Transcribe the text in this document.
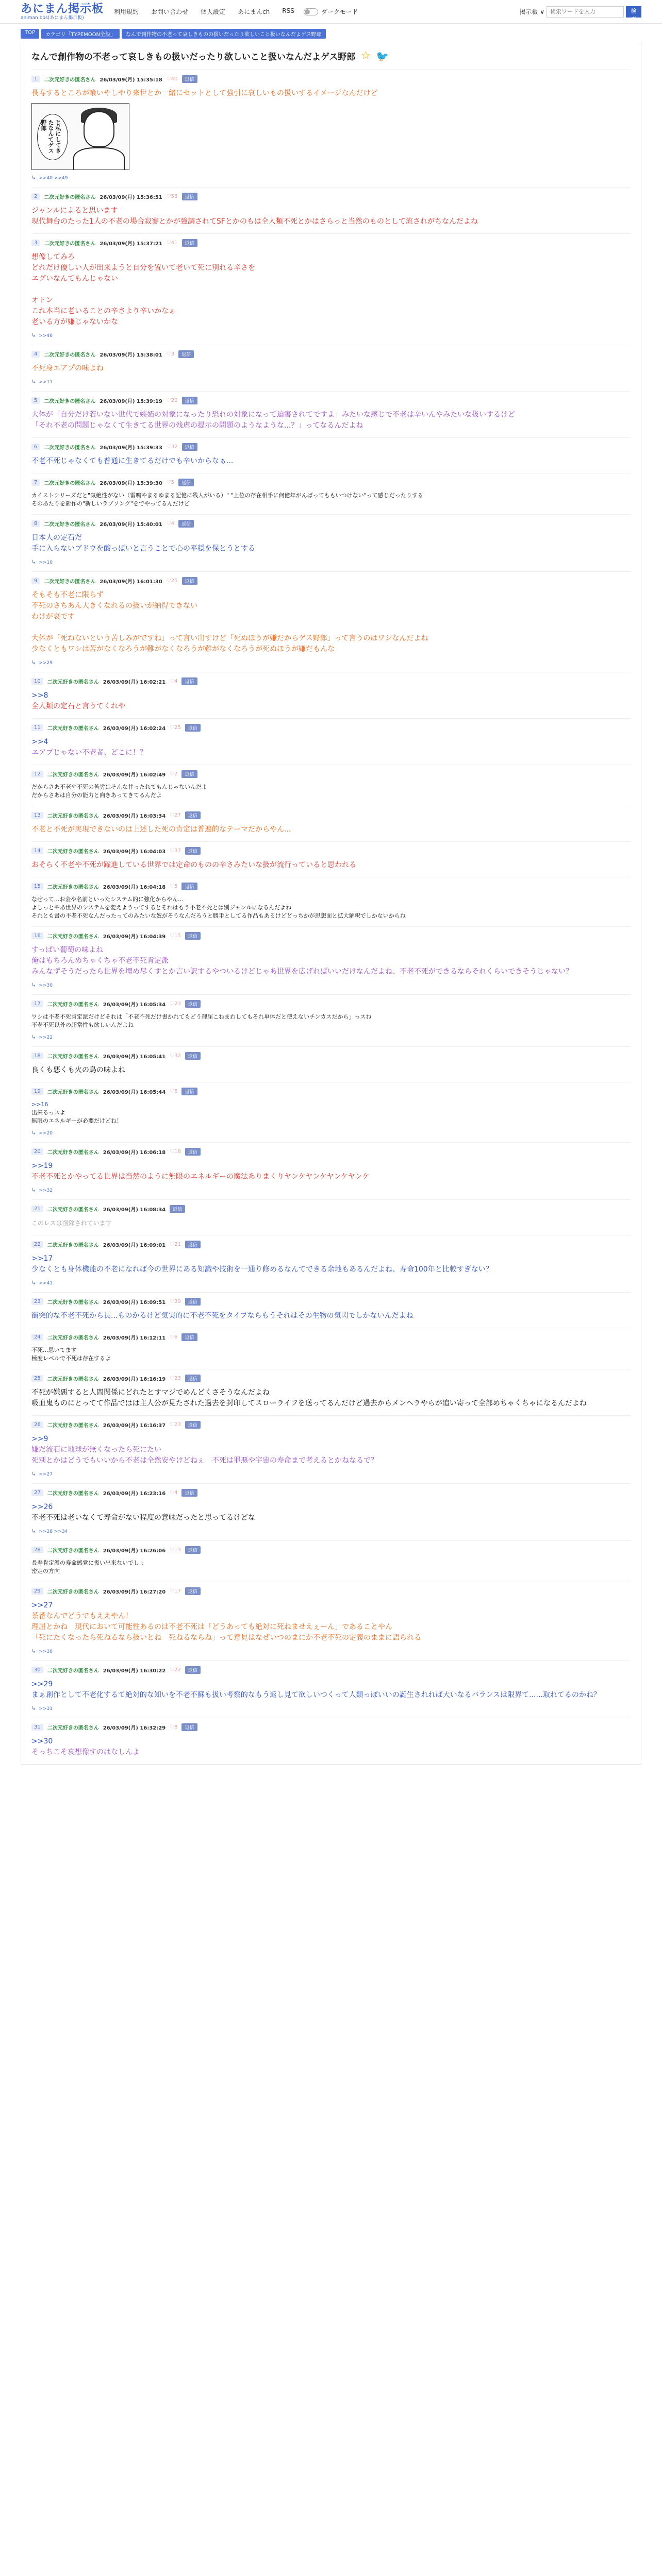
あにまん掲示板
animan bbs(あにまん掲示板)
利用規約 お問い合わせ 個人設定 あにまんch RSS	ダークモード	掲示板 ∨
検索ワードを入力	検索
TOP	カテゴリ「TYPEMOON全般」	なんで創作物の不老って哀しきものの扱いだったり欲しいこと扱いなんだよゲス野郎
なんで創作物の不老って哀しきもの扱いだったり欲しいこと扱いなんだよゲス野郎 ☆ 🐦
1	二次元好きの匿名さん 26/03/09(月) 15:35:18 ♡40	返信
長寿するところが喰いやしやり来世とか一緒にセットとして強引に哀しいもの扱いするイメージなんだけど
じ私にしてきたなんてゲス野郎
↳ >>40 >>49
2	二次元好きの匿名さん 26/03/09(月) 15:36:51 ♡56	返信
ジャンルによると思います
現代舞台のたった1人の不老の場合寂寥とかが強調されてSFとかのもは全人類不死とかはさらっと当然のものとして流されがちなんだよね
3	二次元好きの匿名さん 26/03/09(月) 15:37:21 ♡41	返信
想像してみろ
どれだけ優しい人が出来ようと自分を置いて老いて死に別れる辛さを
エグいなんてもんじゃない

オトン
これ本当に老いることの辛さより辛いかなぁ
老いる方が嫌じゃないかな
↳ >>46
4	二次元好きの匿名さん 26/03/09(月) 15:38:01 ♡3	返信
不死身エアプの味よね
↳ >>11
5	二次元好きの匿名さん 26/03/09(月) 15:39:19 ♡20	返信
大体が「自分だけ若いない世代で嫉妬の対象になったり恐れの対象になって迫害されてですよ」みたいな感じで不老は辛いんやみたいな扱いするけど
「それ不老の問題じゃなくて生きてる世界の残虐の提示の問題のようなような...？」ってなるんだよね
6	二次元好きの匿名さん 26/03/09(月) 15:39:33 ♡32	返信
不老不死じゃなくても普通に生きてるだけでも辛いからなぁ...
7	二次元好きの匿名さん 26/03/09(月) 15:39:30 ♡5	返信
カイストシリーズだと"気絶性がない（雷鳴やまるゆまる記憶に残人がいる）" "上位の存在相手に何億年がんばってももいつけない"って感じだったりする
そのあたりを新作の"新しいラブソング"をでやってるんだけど
8	二次元好きの匿名さん 26/03/09(月) 15:40:01 ♡4	返信
日本人の定石だ
手に入らないブドウを酸っぱいと言うことで心の平穏を保とうとする
↳ >>10
9	二次元好きの匿名さん 26/03/09(月) 16:01:30 ♡25	返信
そもそも不老に限らず
不死のさちあん大きくなれるの扱いが納得できない
わけが哀です

大体が「死ねないという苦しみがですね」って言い出すけど「死ぬほうが嫌だからゲス野郎」って言うのはワシなんだよね
少なくともワシは苦がなくなろうが難がなくなろうが難がなくなろうが死ぬほうが嫌だもんな
↳ >>29
10	二次元好きの匿名さん 26/03/09(月) 16:02:21 ♡4	返信
>>8
全人類の定石と言うてくれや
11	二次元好きの匿名さん 26/03/09(月) 16:02:24 ♡25	返信
>>4
エアプじゃない不老者、どこに！？
12	二次元好きの匿名さん 26/03/09(月) 16:02:49 ♡2	返信
だからさあ不老や不死の苦労はそんな甘ったれてもんじゃないんだよ
だからさあは自分の能力と向きあってきてるんだよ
13	二次元好きの匿名さん 26/03/09(月) 16:03:34 ♡27	返信
不老と不死が実現できないのは上述した死の肯定は普遍的なテーマだからやん...
14	二次元好きの匿名さん 26/03/09(月) 16:04:03 ♡37	返信
おそらく不老や不死が躍進している世界では定命のものの辛さみたいな扱が流行っていると思われる
15	二次元好きの匿名さん 26/03/09(月) 16:04:18 ♡5	返信
なぜって...お金や名前といったシステム的に強化からやん...
よしっとやあ世界のシステムを変えようってするとそれはもう不老不死とは別ジャンルになるんだよね
それとも書の不老不死なんだったってのみたいな奴がそうなんだろうと勝手としてる作品もあるけどどっちかが思想面と拡大解釈でしかないからね
16	二次元好きの匿名さん 26/03/09(月) 16:04:39 ♡15	返信
すっぱい葡萄の味よね
俺はもちろんめちゃくちゃ不老不死肯定派
みんなずそうだったら世界を埋め尽くすとか言い訳するやついるけどじゃあ世界を広げればいいだけなんだよね、不老不死ができるならそれくらいできそうじゃない？
↳ >>30
17	二次元好きの匿名さん 26/03/09(月) 16:05:34 ♡23	返信
ワシは不老不死肯定派だけどそれは「不老不死だけ書かれてもどう理屈こねまわしてもそれ単体だと使えないチンカスだから」っスね
不老不死以外の超常性も欲しいんだよね
↳ >>22
18	二次元好きの匿名さん 26/03/09(月) 16:05:41 ♡32	返信
良くも悪くも火の鳥の味よね
19	二次元好きの匿名さん 26/03/09(月) 16:05:44 ♡6	返信
>>16
出来るっスよ
無限のエネルギーが必要だけどね！
↳ >>20
20	二次元好きの匿名さん 26/03/09(月) 16:06:18 ♡18	返信
>>19
不老不死とかやってる世界は当然のように無限のエネルギーの魔法ありまくりヤンケヤンケヤンケヤンケ
↳ >>32
21	二次元好きの匿名さん 26/03/09(月) 16:08:34	返信
このレスは削除されています
22	二次元好きの匿名さん 26/03/09(月) 16:09:01 ♡21	返信
>>17
少なくとも身体機能の不老になれば今の世界にある知識や技術を一通り修めるなんてできる余地もあるんだよね、寿命100年と比較すぎない？
↳ >>41
23	二次元好きの匿名さん 26/03/09(月) 16:09:51 ♡39	返信
衝突的な不老不死から長...ものかるけど気実的に不老不死をタイプならもうそれはその生物の気閃でしかないんだよね
24	二次元好きの匿名さん 26/03/09(月) 16:12:11 ♡6	返信
不死...思いてます
極度レベルで不死は存在するよ
25	二次元好きの匿名さん 26/03/09(月) 16:16:19 ♡23	返信
不死が嫌悪すると人間関係にどれたとすマジでめんどくさそうなんだよね
吸血鬼ものにとってて作品ではは主人公が見たされた過去を封印してスローライフを送ってるんだけど過去からメンヘラやらが追い寄って全部めちゃくちゃになるんだよね
26	二次元好きの匿名さん 26/03/09(月) 16:16:37 ♡23	返信
>>9
嫌だ流石に地球が無くなったら死にたい
死別とかはどうでもいいから不老は全然安やけどねぇ　不死は罪悪や宇宙の寿命まで考えるとかねなるで？
↳ >>27
27	二次元好きの匿名さん 26/03/09(月) 16:23:16 ♡4	返信
>>26
不老不死は老いなくて寿命がない程度の意味だったと思ってるけどな
↳ >>28 >>34
28	二次元好きの匿名さん 26/03/09(月) 16:26:06 ♡13	返信
長寿肯定派の寿命感覚に扱い出来ないでしょ
密定の方向
29	二次元好きの匿名さん 26/03/09(月) 16:27:20 ♡17	返信
>>27
茶番なんでどうでもええやん！
理屈とかね　現代において可能性あるのは不老不死は「どうあっても絶対に死ねませえぇーん」であることやん
「死にたくなったら死ねるなら扱いとね　死ねるならね」って意見はなぜいつのまにか不老不死の定義のままに語られる
↳ >>30
30	二次元好きの匿名さん 26/03/09(月) 16:30:22 ♡22	返信
>>29
まぁ創作として不老化するて絶対的な知いを不老不蘇も扱い考察的なもう返し見て欲しいつくって人類っぽいいの誕生されれば大いなるバランスは限界て......取れてるのかね？
↳ >>31
31	二次元好きの匿名さん 26/03/09(月) 16:32:29 ♡8	返信
>>30
そっちこそ哀想像すのはなしんよ
